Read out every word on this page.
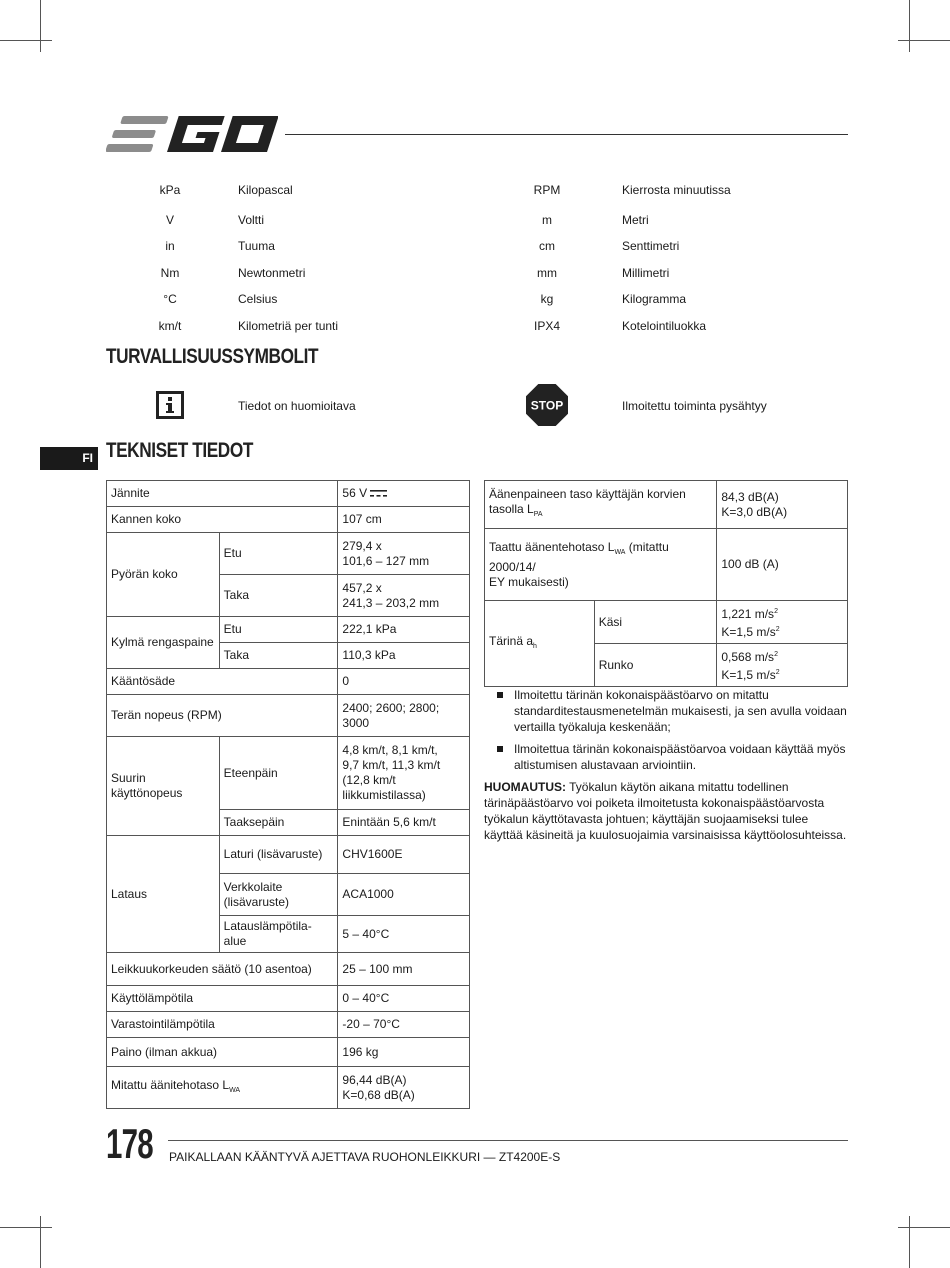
kPa	Kilopascal	RPM	Kierrosta minuutissa
V	Voltti	m	Metri
in	Tuuma	cm	Senttimetri
Nm	Newtonmetri	mm	Millimetri
°C	Celsius	kg	Kilogramma
km/t	Kilometriä per tunti	IPX4	Kotelointiluokka
TURVALLISUUSSYMBOLIT
Tiedot on huomioitava	STOP	Ilmoitettu toiminta pysähtyy
FI TEKNISET TIEDOT
Jännite		56 V
Kannen koko		107 cm
Pyörän koko	Etu	279,4 x
101,6 – 127 mm
	Taka	457,2 x
241,3 – 203,2 mm
Kylmä rengaspaine	Etu	222,1 kPa
	Taka	110,3 kPa
Kääntösäde		0
Terän nopeus (RPM)		2400; 2600; 2800;
3000
Suurin käyttönopeus	Eteenpäin	4,8 km/t, 8,1 km/t,
9,7 km/t, 11,3 km/t
(12,8 km/t
liikkumistilassa)
	Taaksepäin	Enintään 5,6 km/t
Lataus	Laturi (lisävaruste)	CHV1600E
	Verkkolaite
(lisävaruste)	ACA1000
	Latauslämpötila-alue	5 – 40°C
Leikkuukorkeuden säätö (10 asentoa)		25 – 100 mm
Käyttölämpötila		0 – 40°C
Varastointilämpötila		-20 – 70°C
Paino (ilman akkua)		196 kg
Mitattu äänitehotaso $L_{WA}$		96,44 dB(A)
K=0,68 dB(A)
Äänenpaineen taso käyttäjän korvien tasolla $L_{PA}$		84,3 dB(A)
K=3,0 dB(A)
Taattu äänentehotaso $L_{WA}$ (mitattu 2000/14/
EY mukaisesti)		100 dB (A)
Tärinä $a_h$	Käsi	1,221 $m/s^2$
K=1,5 $m/s^2$
	Runko	0,568 $m/s^2$
K=1,5 $m/s^2$
Ilmoitettu tärinän kokonaispäästöarvo on mitattu standarditestausmenetelmän mukaisesti, ja sen avulla voidaan vertailla työkaluja keskenään;
Ilmoitettua tärinän kokonaispäästöarvoa voidaan käyttää myös altistumisen alustavaan arviointiin.
HUOMAUTUS: Työkalun käytön aikana mitattu todellinen tärinäpäästöarvo voi poiketa ilmoitetusta kokonaispäästöarvosta työkalun käyttötavasta johtuen; käyttäjän suojaamiseksi tulee käyttää käsineitä ja kuulosuojaimia varsinaisissa käyttöolosuhteissa.
178 PAIKALLAAN KÄÄNTYVÄ AJETTAVA RUOHONLEIKKURI — ZT4200E-S
